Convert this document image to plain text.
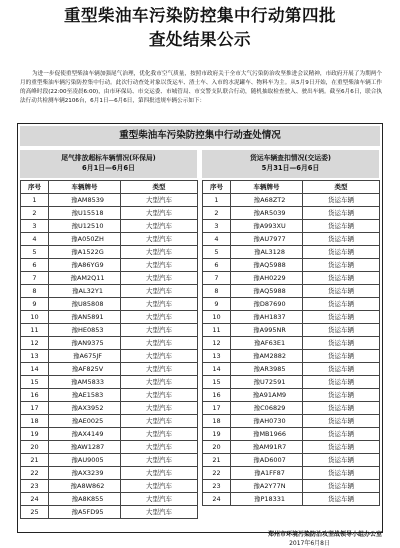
重型柴油车污染防控集中行动第四批
查处结果公示
为进一步促使重型柴油车辆加强尾气治理，优化我市空气质量，按照市政府关于全市大气污染防治攻坚推进会议精神，市政府开展了为期两个月的重型柴油车辆污染防控集中行动。此次行动查处对象以货运车、渣土车、入市的水泥罐车、物料车为主。从5月9日开始，在重型柴油车辆工作的高峰时段(22:00至凌晨6:00)，由市环保局、市交运委、市城管局、市交警支队联合行动，随机抽取检查驶入、驶出车辆。截至6月6日，联合执法行动共检测车辆2106台，6月1日—6月6日，第四批违规车辆公示如下：
重型柴油车污染防控集中行动查处情况
尾气排放超标车辆情况(环保局)
6月1日—6月6日
货运车辆查扣情况(交运委)
5月31日—6月6日
序号	车辆牌号	类型
1	豫AM8539	大型汽车
2	豫U15518	大型汽车
3	豫U12510	大型汽车
4	豫A050ZH	大型汽车
5	豫A1522G	大型汽车
6	豫A86YG9	大型汽车
7	豫AM2Q11	大型汽车
8	豫AL32Y1	大型汽车
9	豫U85808	大型汽车
10	豫AN5891	大型汽车
11	豫HE0853	大型汽车
12	豫AN9375	大型汽车
13	豫A675JF	大型汽车
14	豫AF825V	大型汽车
15	豫AM5833	大型汽车
16	豫AE1583	大型汽车
17	豫AX3952	大型汽车
18	豫AE0025	大型汽车
19	豫AX4149	大型汽车
20	豫AW1287	大型汽车
21	豫AU9005	大型汽车
22	豫AX3239	大型汽车
23	豫A8W862	大型汽车
24	豫A8K855	大型汽车
25	豫A5FD95	大型汽车
序号	车辆牌号	类型
1	豫A68ZT2	货运车辆
2	豫AR5039	货运车辆
3	豫A993XU	货运车辆
4	豫AU7977	货运车辆
5	豫AL3128	货运车辆
6	豫AQ5988	货运车辆
7	豫AH0229	货运车辆
8	豫AQ5988	货运车辆
9	豫D87690	货运车辆
10	豫AH1837	货运车辆
11	豫A995NR	货运车辆
12	豫AF63E1	货运车辆
13	豫AM2882	货运车辆
14	豫AR3985	货运车辆
15	豫U72591	货运车辆
16	豫A91AM9	货运车辆
17	豫C06829	货运车辆
18	豫AH0730	货运车辆
19	豫MB1966	货运车辆
20	豫AM91R7	货运车辆
21	豫AD6007	货运车辆
22	豫A1FF87	货运车辆
23	豫A2Y77N	货运车辆
24	豫P18331	货运车辆
郑州市环境污染防治攻坚战领导小组办公室
2017年6月8日
